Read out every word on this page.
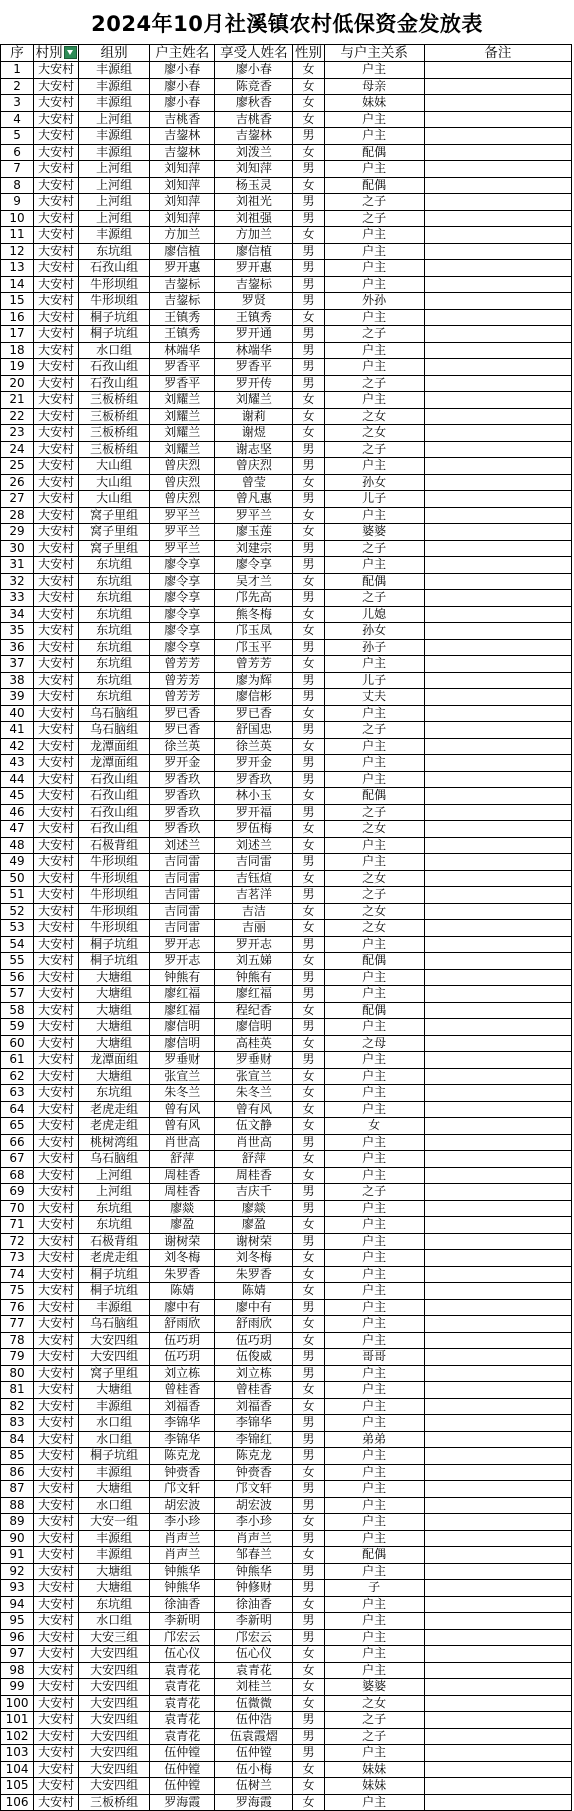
2024年10月社溪镇农村低保资金发放表
序	村別	组别	户主姓名	享受人姓名	性别	与户主关系	备注
1	大安村	丰源组	廖小春	廖小春	女	户主	
2	大安村	丰源组	廖小春	陈竞香	女	母亲	
3	大安村	丰源组	廖小春	廖秋香	女	妹妹	
4	大安村	上河组	吉桃香	吉桃香	女	户主	
5	大安村	丰源组	吉鋆林	吉鋆林	男	户主	
6	大安村	丰源组	吉鋆林	刘泼兰	女	配偶	
7	大安村	上河组	刘知萍	刘知萍	男	户主	
8	大安村	上河组	刘知萍	杨玉灵	女	配偶	
9	大安村	上河组	刘知萍	刘祖光	男	之子	
10	大安村	上河组	刘知萍	刘祖强	男	之子	
11	大安村	丰源组	方加兰	方加兰	女	户主	
12	大安村	东坑组	廖信植	廖信植	男	户主	
13	大安村	石孜山组	罗开惠	罗开惠	男	户主	
14	大安村	牛形坝组	吉鋆标	吉鋆标	男	户主	
15	大安村	牛形坝组	吉鋆标	罗贤	男	外孙	
16	大安村	桐子坑组	王镇秀	王镇秀	女	户主	
17	大安村	桐子坑组	王镇秀	罗开通	男	之子	
18	大安村	水口组	林端华	林端华	男	户主	
19	大安村	石孜山组	罗香平	罗香平	男	户主	
20	大安村	石孜山组	罗香平	罗开传	男	之子	
21	大安村	三板桥组	刘耀兰	刘耀兰	女	户主	
22	大安村	三板桥组	刘耀兰	谢莉	女	之女	
23	大安村	三板桥组	刘耀兰	谢煜	女	之女	
24	大安村	三板桥组	刘耀兰	谢志坚	男	之子	
25	大安村	大山组	曾庆烈	曾庆烈	男	户主	
26	大安村	大山组	曾庆烈	曾莹	女	孙女	
27	大安村	大山组	曾庆烈	曾凡惠	男	儿子	
28	大安村	窝子里组	罗平兰	罗平兰	女	户主	
29	大安村	窝子里组	罗平兰	廖玉莲	女	婆婆	
30	大安村	窝子里组	罗平兰	刘建宗	男	之子	
31	大安村	东坑组	廖令享	廖令享	男	户主	
32	大安村	东坑组	廖令享	吴才兰	女	配偶	
33	大安村	东坑组	廖令享	邝先高	男	之子	
34	大安村	东坑组	廖令享	熊冬梅	女	儿媳	
35	大安村	东坑组	廖令享	邝玉凤	女	孙女	
36	大安村	东坑组	廖令享	邝玉平	男	孙子	
37	大安村	东坑组	曾芳芳	曾芳芳	女	户主	
38	大安村	东坑组	曾芳芳	廖为辉	男	儿子	
39	大安村	东坑组	曾芳芳	廖信彬	男	丈夫	
40	大安村	乌石脑组	罗已香	罗已香	女	户主	
41	大安村	乌石脑组	罗已香	舒国忠	男	之子	
42	大安村	龙潭面组	徐兰英	徐兰英	女	户主	
43	大安村	龙潭面组	罗开金	罗开金	男	户主	
44	大安村	石孜山组	罗香玖	罗香玖	男	户主	
45	大安村	石孜山组	罗香玖	林小玉	女	配偶	
46	大安村	石孜山组	罗香玖	罗开福	男	之子	
47	大安村	石孜山组	罗香玖	罗伍梅	女	之女	
48	大安村	石极背组	刘述兰	刘述兰	女	户主	
49	大安村	牛形坝组	吉同雷	吉同雷	男	户主	
50	大安村	牛形坝组	吉同雷	吉钰煊	女	之女	
51	大安村	牛形坝组	吉同雷	吉茗洋	男	之子	
52	大安村	牛形坝组	吉同雷	吉洁	女	之女	
53	大安村	牛形坝组	吉同雷	吉丽	女	之女	
54	大安村	桐子坑组	罗开志	罗开志	男	户主	
55	大安村	桐子坑组	罗开志	刘五娣	女	配偶	
56	大安村	大塘组	钟熊有	钟熊有	男	户主	
57	大安村	大塘组	廖红福	廖红福	男	户主	
58	大安村	大塘组	廖红福	程纪香	女	配偶	
59	大安村	大塘组	廖信明	廖信明	男	户主	
60	大安村	大塘组	廖信明	高桂英	女	之母	
61	大安村	龙潭面组	罗垂财	罗垂财	男	户主	
62	大安村	大塘组	张宣兰	张宣兰	女	户主	
63	大安村	东坑组	朱冬兰	朱冬兰	女	户主	
64	大安村	老虎走组	曾有风	曾有风	女	户主	
65	大安村	老虎走组	曾有风	伍文静	女	女	
66	大安村	桃树湾组	肖世高	肖世高	男	户主	
67	大安村	乌石脑组	舒萍	舒萍	女	户主	
68	大安村	上河组	周桂香	周桂香	女	户主	
69	大安村	上河组	周桂香	吉庆千	男	之子	
70	大安村	东坑组	廖燚	廖燚	男	户主	
71	大安村	东坑组	廖盈	廖盈	女	户主	
72	大安村	石极背组	谢树荣	谢树荣	男	户主	
73	大安村	老虎走组	刘冬梅	刘冬梅	女	户主	
74	大安村	桐子坑组	朱罗香	朱罗香	女	户主	
75	大安村	桐子坑组	陈婧	陈婧	女	户主	
76	大安村	丰源组	廖中有	廖中有	男	户主	
77	大安村	乌石脑组	舒雨欣	舒雨欣	女	户主	
78	大安村	大安四组	伍巧玥	伍巧玥	女	户主	
79	大安村	大安四组	伍巧玥	伍俊威	男	哥哥	
80	大安村	窝子里组	刘立栋	刘立栋	男	户主	
81	大安村	大塘组	曾桂香	曾桂香	女	户主	
82	大安村	丰源组	刘福香	刘福香	女	户主	
83	大安村	水口组	李锦华	李锦华	男	户主	
84	大安村	水口组	李锦华	李锦红	男	弟弟	
85	大安村	桐子坑组	陈克龙	陈克龙	男	户主	
86	大安村	丰源组	钟赍香	钟赍香	女	户主	
87	大安村	大塘组	邝文轩	邝文轩	男	户主	
88	大安村	水口组	胡宏波	胡宏波	男	户主	
89	大安村	大安一组	李小珍	李小珍	女	户主	
90	大安村	丰源组	肖声兰	肖声兰	男	户主	
91	大安村	丰源组	肖声兰	邹春兰	女	配偶	
92	大安村	大塘组	钟熊华	钟熊华	男	户主	
93	大安村	大塘组	钟熊华	钟修财	男	子	
94	大安村	东坑组	徐油香	徐油香	女	户主	
95	大安村	水口组	李新明	李新明	男	户主	
96	大安村	大安三组	邝宏云	邝宏云	男	户主	
97	大安村	大安四组	伍心仪	伍心仪	女	户主	
98	大安村	大安四组	袁青花	袁青花	女	户主	
99	大安村	大安四组	袁青花	刘桂兰	女	婆婆	
100	大安村	大安四组	袁青花	伍微微	女	之女	
101	大安村	大安四组	袁青花	伍仲浩	男	之子	
102	大安村	大安四组	袁青花	伍袁霞熠	男	之子	
103	大安村	大安四组	伍仲镗	伍仲镗	男	户主	
104	大安村	大安四组	伍仲镗	伍小梅	女	妹妹	
105	大安村	大安四组	伍仲镗	伍树兰	女	妹妹	
106	大安村	三板桥组	罗海霞	罗海霞	女	户主	
